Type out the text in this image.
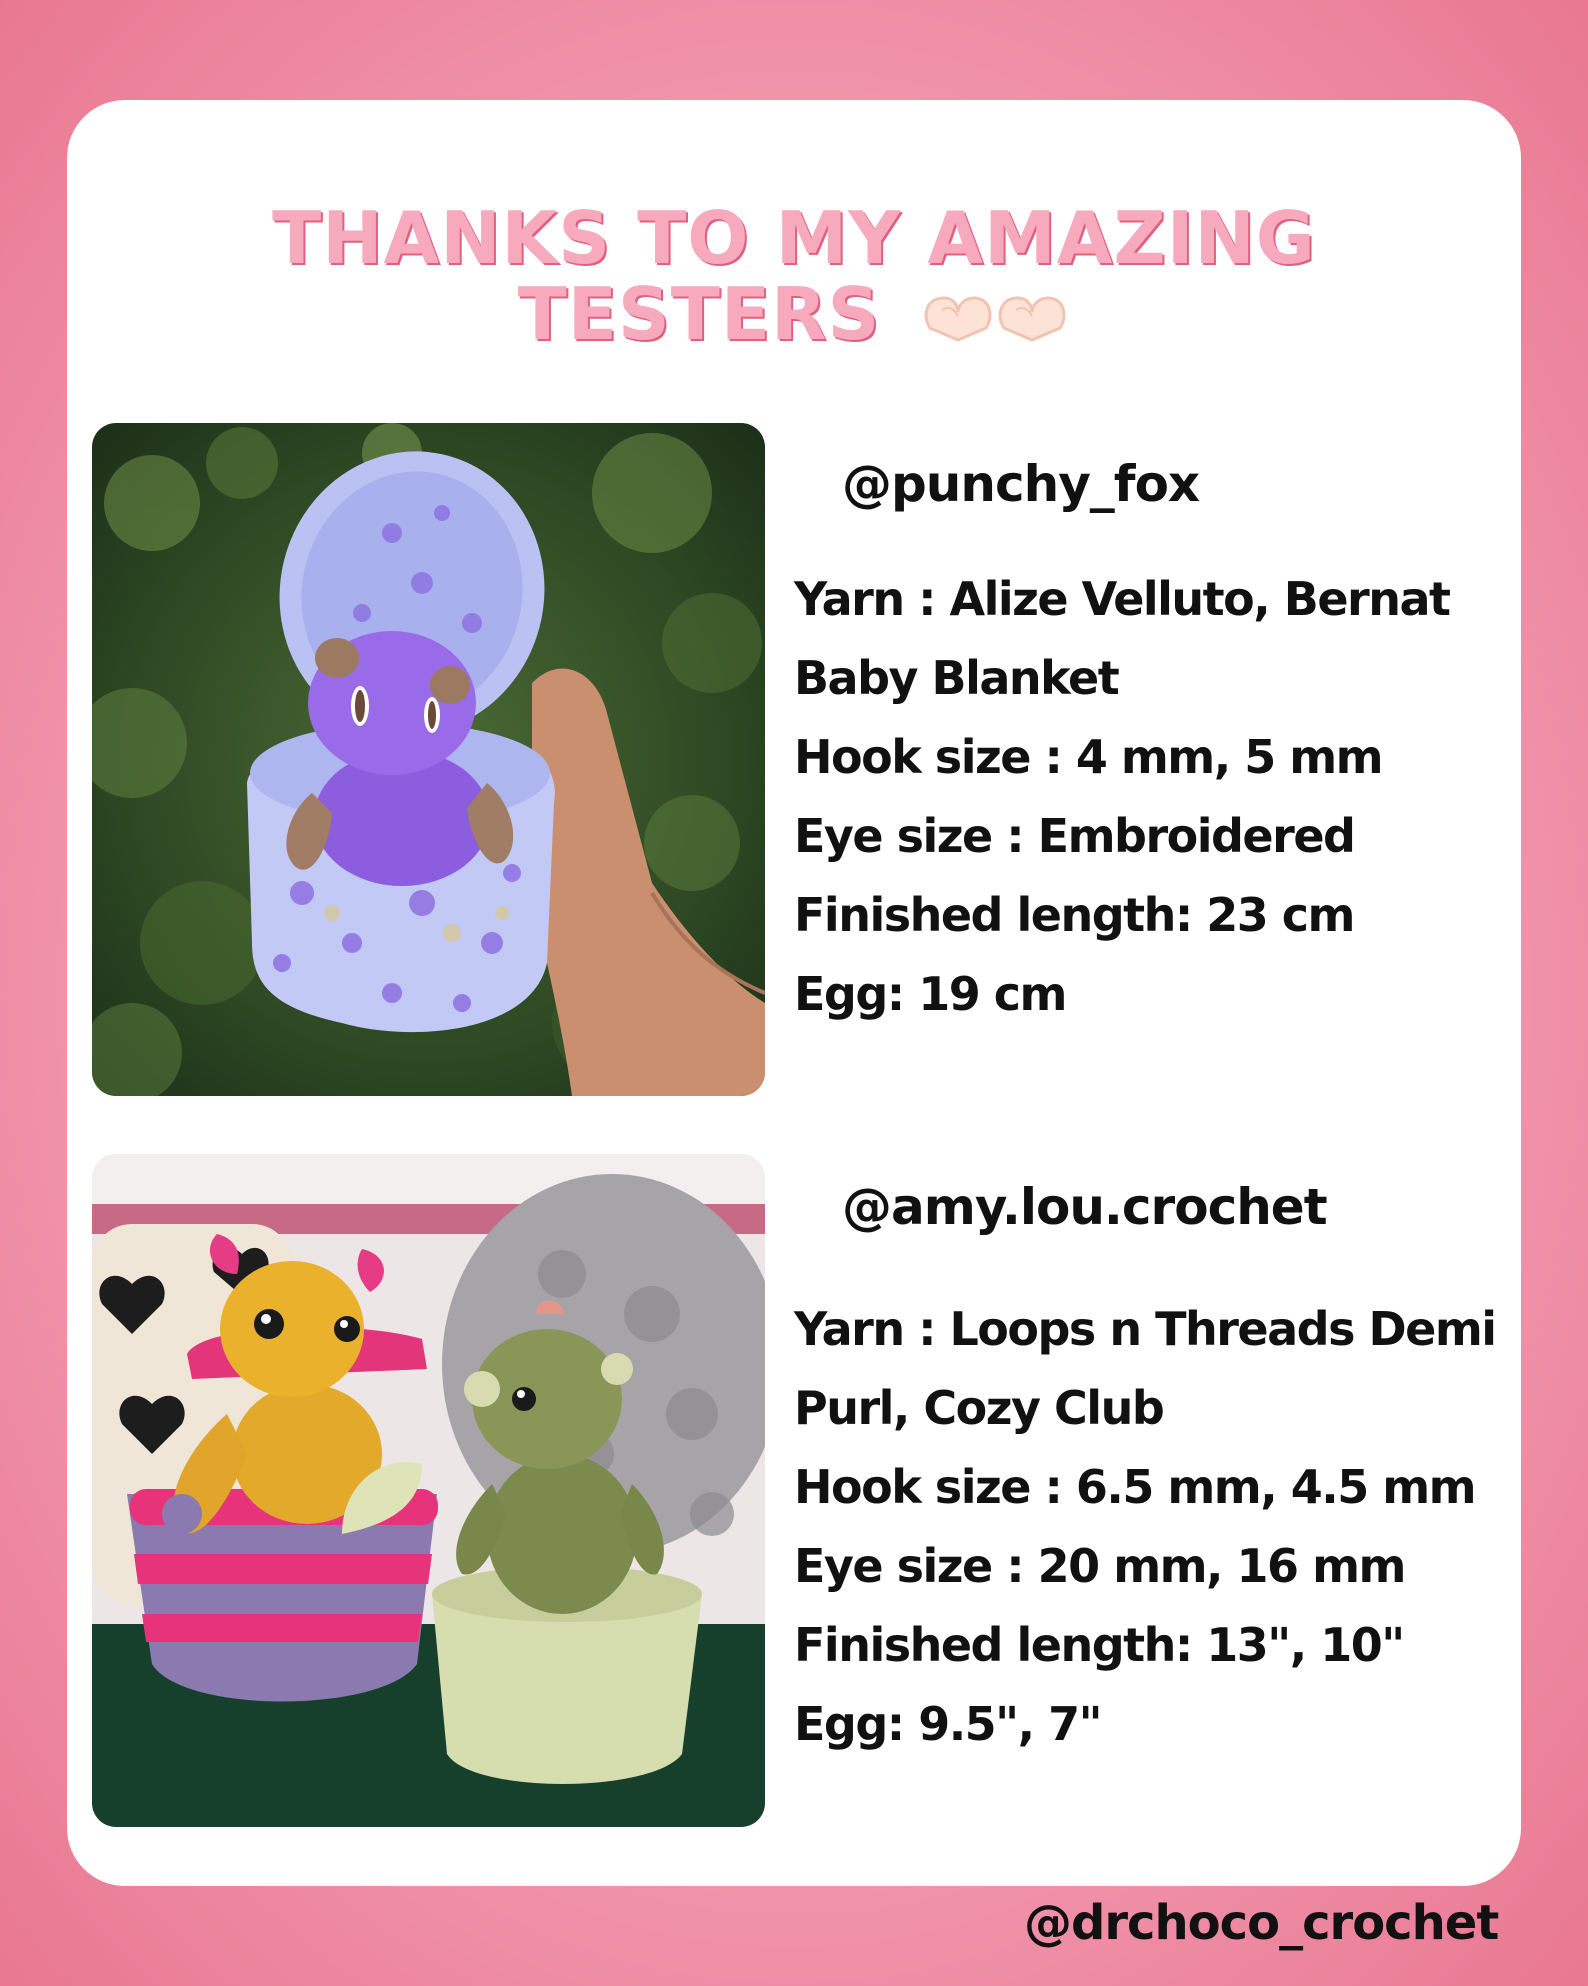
THANKS TO MY AMAZING
TESTERS
@punchy_fox
Yarn : Alize Velluto, Bernat
Baby Blanket
Hook size : 4 mm, 5 mm
Eye size : Embroidered
Finished length: 23 cm
Egg: 19 cm
@amy.lou.crochet
Yarn : Loops n Threads Demi
Purl, Cozy Club
Hook size : 6.5 mm, 4.5 mm
Eye size : 20 mm, 16 mm
Finished length: 13", 10"
Egg: 9.5", 7"
@drchoco_crochet
